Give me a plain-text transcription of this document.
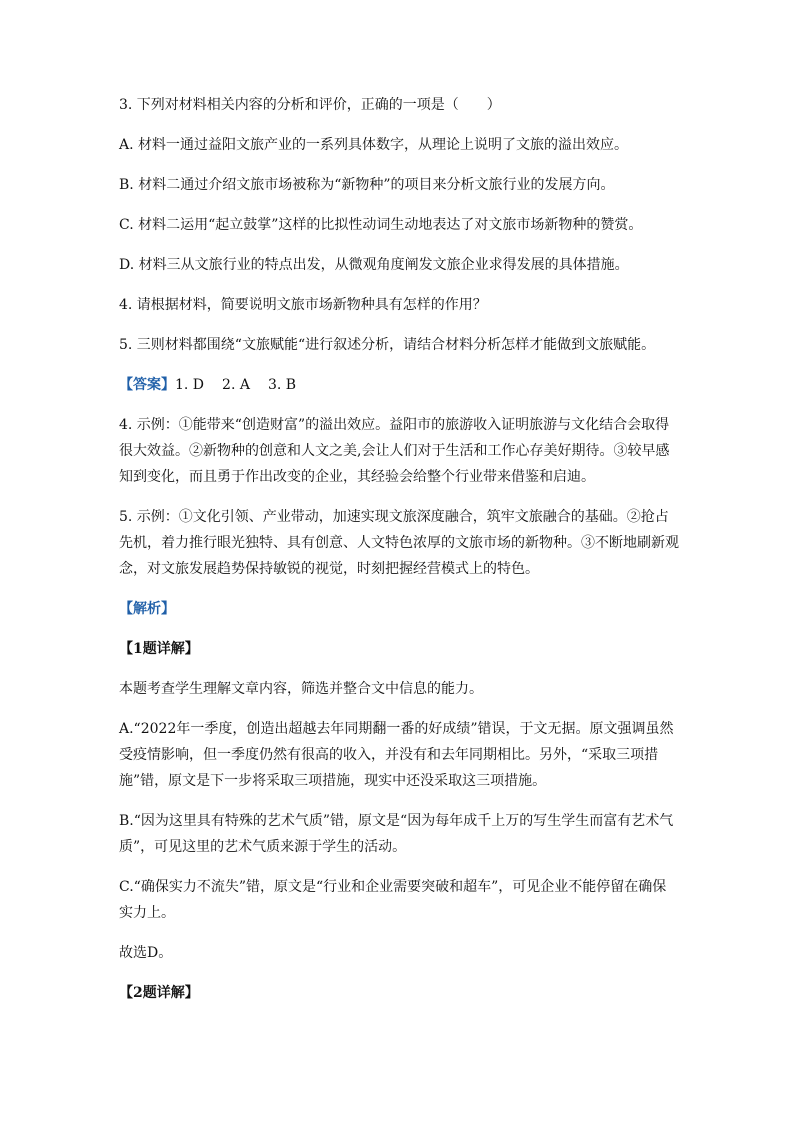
3. 下列对材料相关内容的分析和评价，正确的一项是（　　）

A. 材料一通过益阳文旅产业的一系列具体数字，从理论上说明了文旅的溢出效应。

B. 材料二通过介绍文旅市场被称为“新物种”的项目来分析文旅行业的发展方向。

C. 材料二运用“起立鼓掌”这样的比拟性动词生动地表达了对文旅市场新物种的赞赏。

D. 材料三从文旅行业的特点出发，从微观角度阐发文旅企业求得发展的具体措施。

4. 请根据材料，简要说明文旅市场新物种具有怎样的作用？

5. 三则材料都围绕“文旅赋能“进行叙述分析，请结合材料分析怎样才能做到文旅赋能。

【答案】1. D 2. A 3. B

4. 示例：①能带来“创造财富”的溢出效应。益阳市的旅游收入证明旅游与文化结合会取得很大效益。②新物种的创意和人文之美,会让人们对于生活和工作心存美好期待。③较早感知到变化，而且勇于作出改变的企业，其经验会给整个行业带来借鉴和启迪。

5. 示例：①文化引领、产业带动，加速实现文旅深度融合，筑牢文旅融合的基础。②抢占先机，着力推行眼光独特、具有创意、人文特色浓厚的文旅市场的新物种。③不断地刷新观念，对文旅发展趋势保持敏锐的视觉，时刻把握经营模式上的特色。

【解析】

【1题详解】

本题考查学生理解文章内容，筛选并整合文中信息的能力。

A.“2022年一季度，创造出超越去年同期翻一番的好成绩”错误，于文无据。原文强调虽然受疫情影响，但一季度仍然有很高的收入，并没有和去年同期相比。另外，“采取三项措施”错，原文是下一步将采取三项措施，现实中还没采取这三项措施。

B.“因为这里具有特殊的艺术气质”错，原文是“因为每年成千上万的写生学生而富有艺术气质”，可见这里的艺术气质来源于学生的活动。

C.“确保实力不流失”错，原文是“行业和企业需要突破和超车”，可见企业不能停留在确保实力上。

故选D。

【2题详解】
